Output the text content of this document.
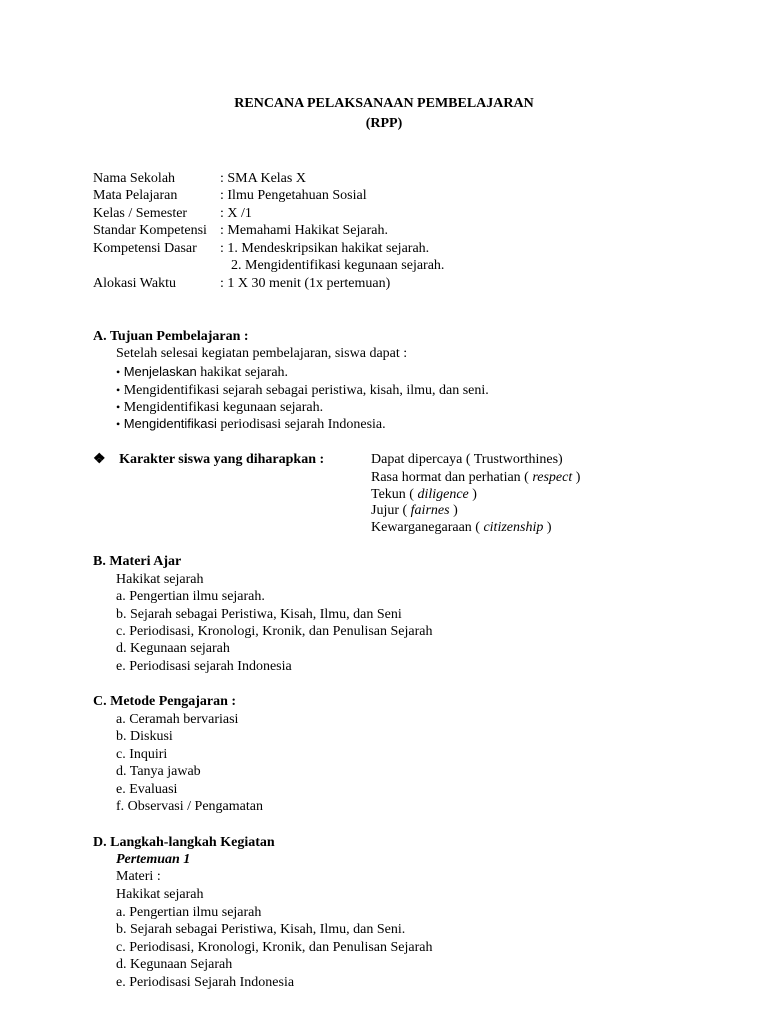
RENCANA PELAKSANAAN PEMBELAJARAN
(RPP)
Nama Sekolah	: SMA Kelas X
Mata Pelajaran	: Ilmu Pengetahuan Sosial
Kelas / Semester : X /1
Standar Kompetensi : Memahami Hakikat Sejarah.
Kompetensi Dasar : 1. Mendeskripsikan hakikat sejarah.
2. Mengidentifikasi kegunaan sejarah.
Alokasi Waktu	: 1 X 30 menit (1x pertemuan)
A. Tujuan Pembelajaran :
Setelah selesai kegiatan pembelajaran, siswa dapat :
• Menjelaskan hakikat sejarah.
• Mengidentifikasi sejarah sebagai peristiwa, kisah, ilmu, dan seni.
• Mengidentifikasi kegunaan sejarah.
• Mengidentifikasi periodisasi sejarah Indonesia.
❖ Karakter siswa yang diharapkan :	Dapat dipercaya ( Trustworthines)
Rasa hormat dan perhatian ( respect )
Tekun ( diligence )
Jujur ( fairnes )
Kewarganegaraan ( citizenship )
B. Materi Ajar
Hakikat sejarah
a. Pengertian ilmu sejarah.
b. Sejarah sebagai Peristiwa, Kisah, Ilmu, dan Seni
c. Periodisasi, Kronologi, Kronik, dan Penulisan Sejarah
d. Kegunaan sejarah
e. Periodisasi sejarah Indonesia
C. Metode Pengajaran :
a. Ceramah bervariasi
b. Diskusi
c. Inquiri
d. Tanya jawab
e. Evaluasi
f. Observasi / Pengamatan
D. Langkah-langkah Kegiatan
Pertemuan 1
Materi :
Hakikat sejarah
a. Pengertian ilmu sejarah
b. Sejarah sebagai Peristiwa, Kisah, Ilmu, dan Seni.
c. Periodisasi, Kronologi, Kronik, dan Penulisan Sejarah
d. Kegunaan Sejarah
e. Periodisasi Sejarah Indonesia
